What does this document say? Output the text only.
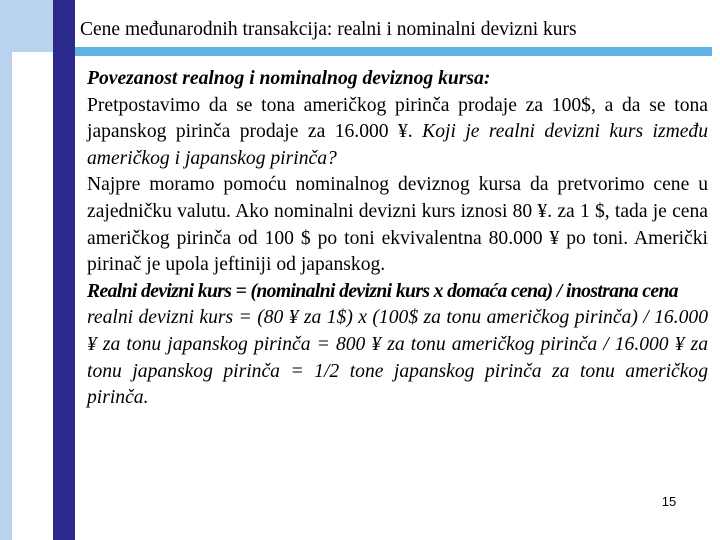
Cene međunarodnih transakcija: realni i nominalni devizni kurs

Povezanost realnog i nominalnog deviznog kursa:

Pretpostavimo da se tona američkog pirinča prodaje za 100$, a da se tona japanskog pirinča prodaje za 16.000 ¥. Koji je realni devizni kurs između američkog i japanskog pirinča?

Najpre moramo pomoću nominalnog deviznog kursa da pretvorimo cene u zajedničku valutu. Ako nominalni devizni kurs iznosi 80 ¥. za 1 $, tada je cena američkog pirinča od 100 $ po toni ekvivalentna 80.000 ¥ po toni. Američki pirinač je upola jeftiniji od japanskog.

Realni devizni kurs = (nominalni devizni kurs x domaća cena) / inostrana cena

realni devizni kurs = (80 ¥ za 1$) x (100$ za tonu američkog pirinča) / 16.000 ¥ za tonu japanskog pirinča = 800 ¥ za tonu američkog pirinča / 16.000 ¥ za tonu japanskog pirinča = 1/2 tone japanskog pirinča za tonu američkog pirinča.

15
